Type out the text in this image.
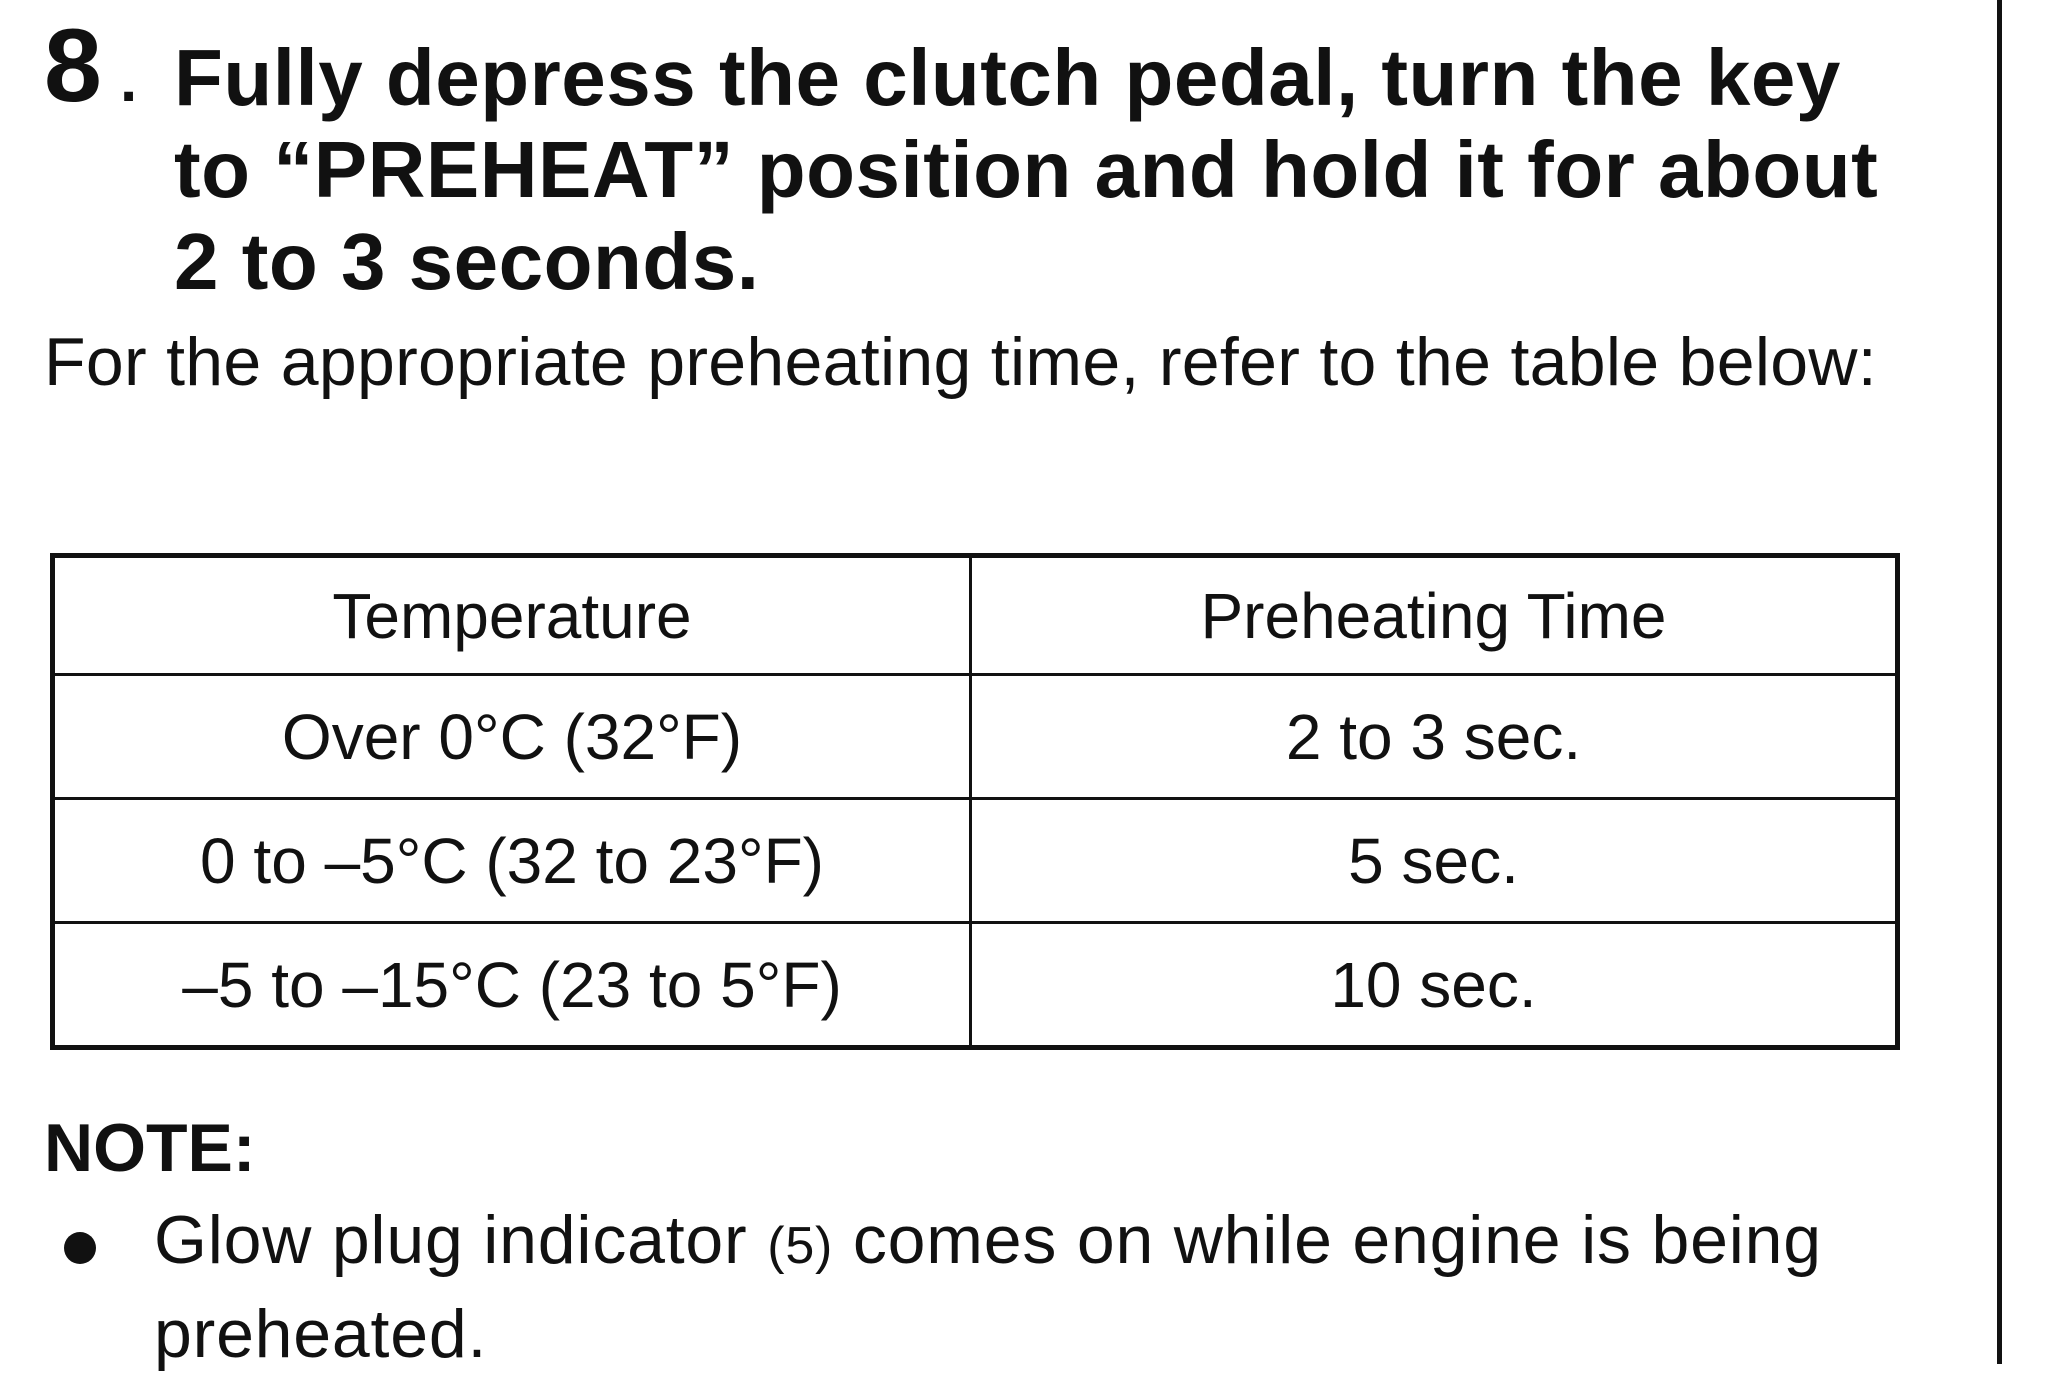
8 . Fully depress the clutch pedal, turn the key to “PREHEAT” position and hold it for about 2 to 3 seconds.
For the appropriate preheating time, refer to the table below:
Temperature	Preheating Time
Over 0°C (32°F)	2 to 3 sec.
0 to –5°C (32 to 23°F)	5 sec.
–5 to –15°C (23 to 5°F)	10 sec.
NOTE:
Glow plug indicator (5) comes on while engine is being preheated.
